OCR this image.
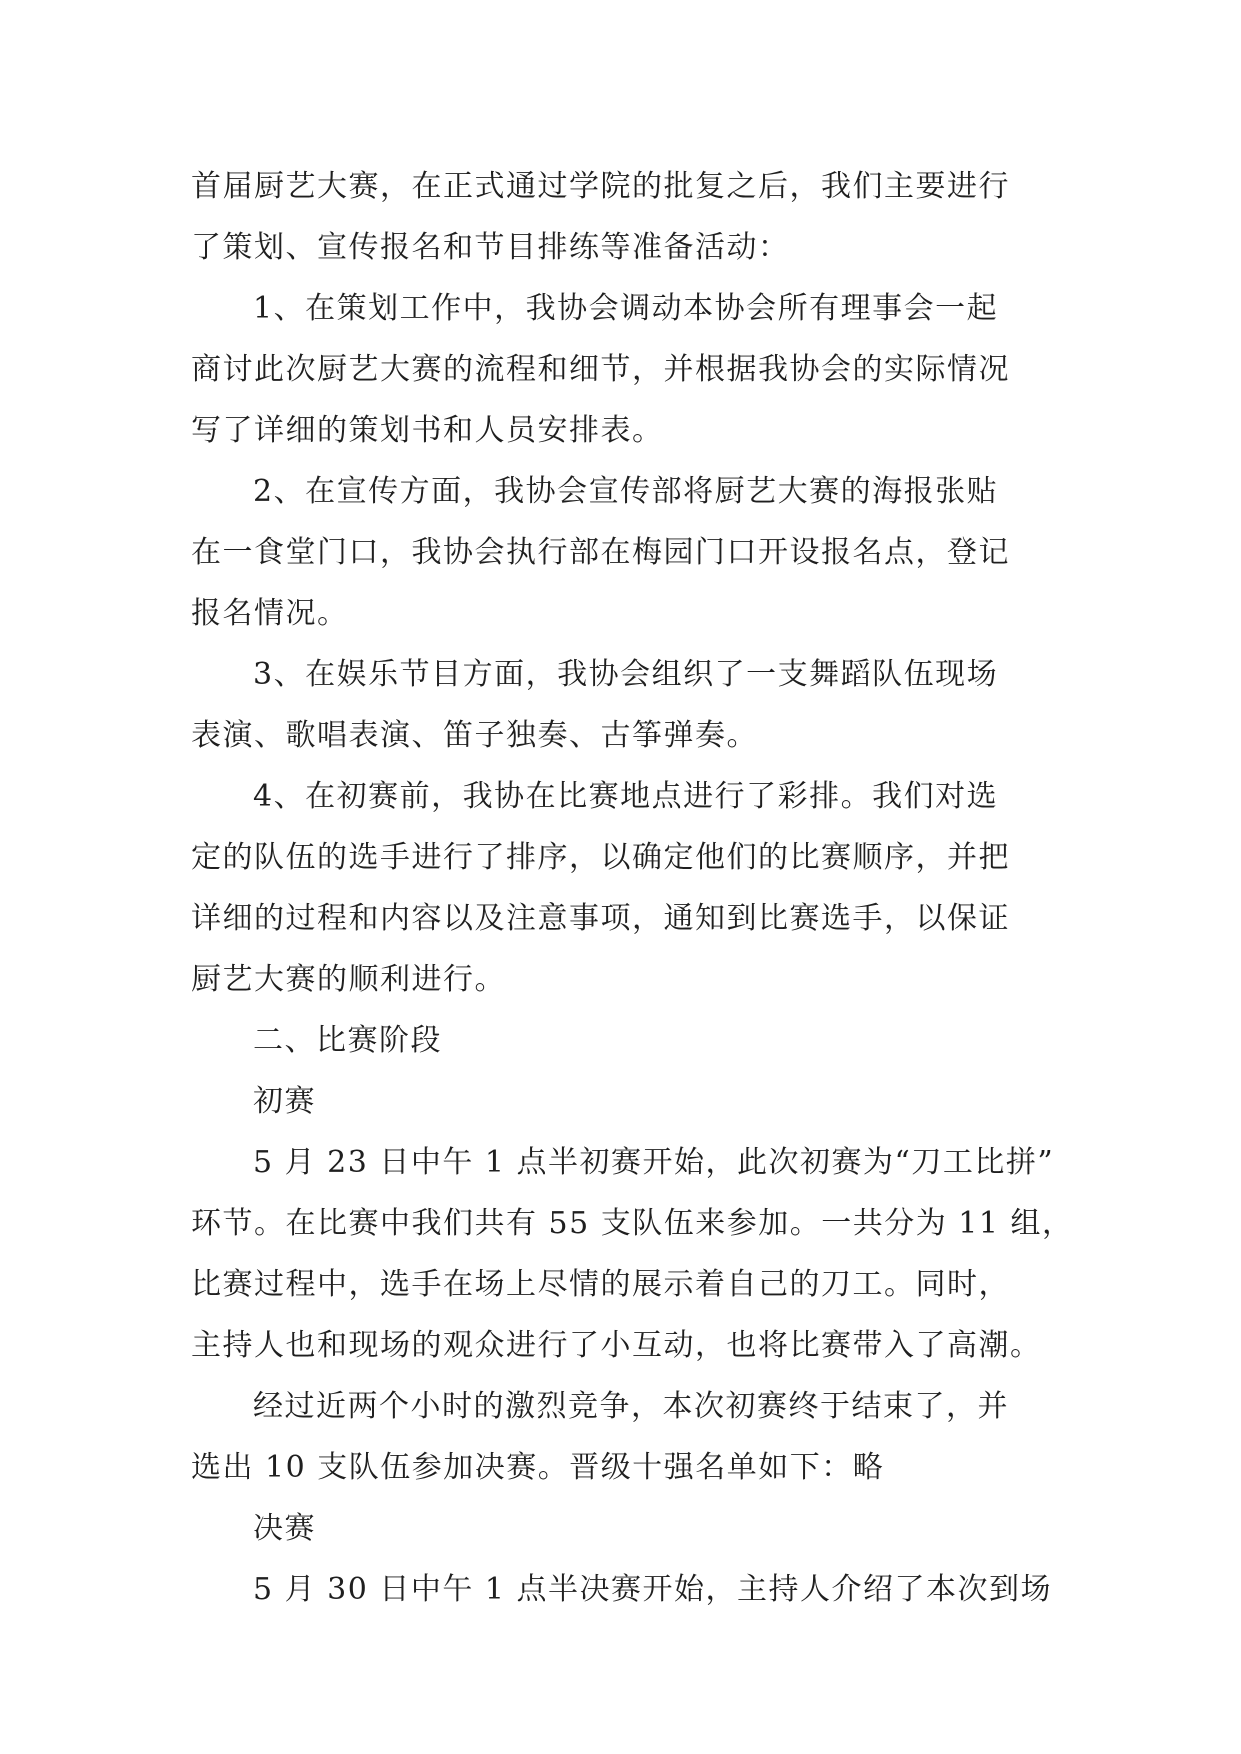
首届厨艺大赛，在正式通过学院的批复之后，我们主要进行
了策划、宣传报名和节目排练等准备活动：
1、在策划工作中，我协会调动本协会所有理事会一起
商讨此次厨艺大赛的流程和细节，并根据我协会的实际情况
写了详细的策划书和人员安排表。
2、在宣传方面，我协会宣传部将厨艺大赛的海报张贴
在一食堂门口，我协会执行部在梅园门口开设报名点，登记
报名情况。
3、在娱乐节目方面，我协会组织了一支舞蹈队伍现场
表演、歌唱表演、笛子独奏、古筝弹奏。
4、在初赛前，我协在比赛地点进行了彩排。我们对选
定的队伍的选手进行了排序，以确定他们的比赛顺序，并把
详细的过程和内容以及注意事项，通知到比赛选手，以保证
厨艺大赛的顺利进行。
二、比赛阶段
初赛
5 月 23 日中午 1 点半初赛开始，此次初赛为“刀工比拼”
环节。在比赛中我们共有 55 支队伍来参加。一共分为 11 组，
比赛过程中，选手在场上尽情的展示着自己的刀工。同时，
主持人也和现场的观众进行了小互动，也将比赛带入了高潮。
经过近两个小时的激烈竞争，本次初赛终于结束了，并
选出 10 支队伍参加决赛。晋级十强名单如下：略
决赛
5 月 30 日中午 1 点半决赛开始，主持人介绍了本次到场
